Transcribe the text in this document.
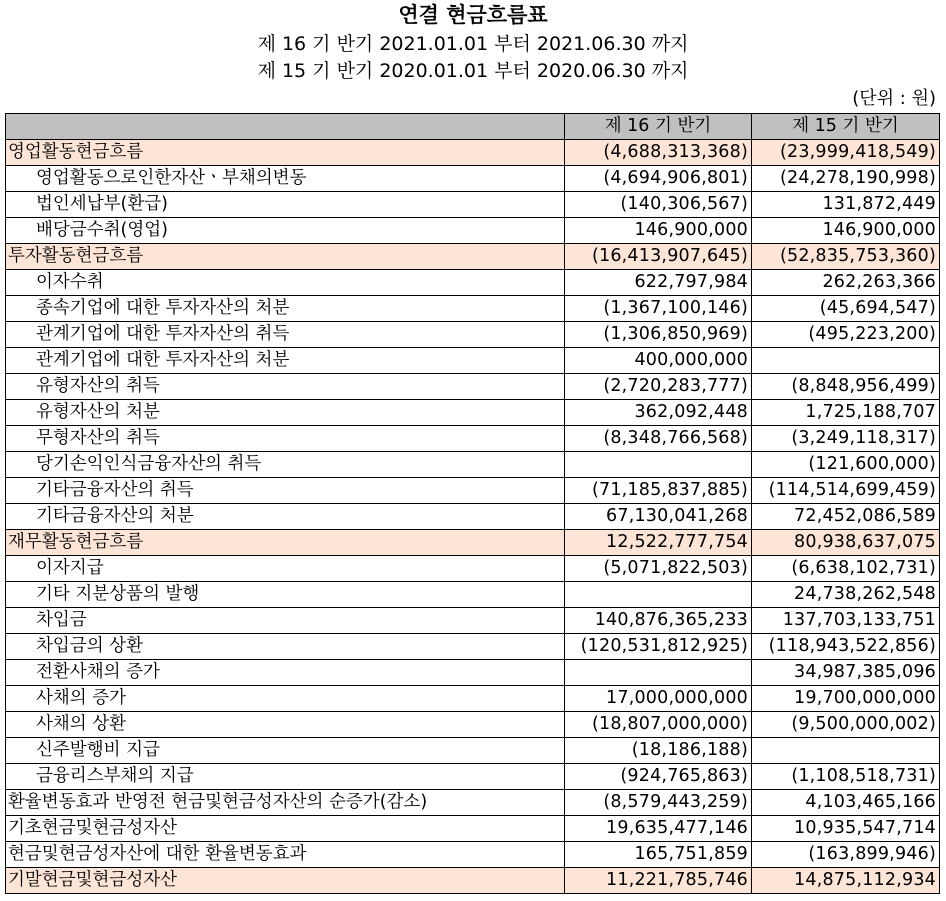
연결 현금흐름표
제 16 기 반기 2021.01.01 부터 2021.06.30 까지
제 15 기 반기 2020.01.01 부터 2020.06.30 까지
(단위 : 원)
	제 16 기 반기	제 15 기 반기
영업활동현금흐름	(4,688,313,368)	(23,999,418,549)
영업활동으로인한자산ㆍ부채의변동	(4,694,906,801)	(24,278,190,998)
법인세납부(환급)	(140,306,567)	131,872,449
배당금수취(영업)	146,900,000	146,900,000
투자활동현금흐름	(16,413,907,645)	(52,835,753,360)
이자수취	622,797,984	262,263,366
종속기업에 대한 투자자산의 처분	(1,367,100,146)	(45,694,547)
관계기업에 대한 투자자산의 취득	(1,306,850,969)	(495,223,200)
관계기업에 대한 투자자산의 처분	400,000,000	
유형자산의 취득	(2,720,283,777)	(8,848,956,499)
유형자산의 처분	362,092,448	1,725,188,707
무형자산의 취득	(8,348,766,568)	(3,249,118,317)
당기손익인식금융자산의 취득		(121,600,000)
기타금융자산의 취득	(71,185,837,885)	(114,514,699,459)
기타금융자산의 처분	67,130,041,268	72,452,086,589
재무활동현금흐름	12,522,777,754	80,938,637,075
이자지급	(5,071,822,503)	(6,638,102,731)
기타 지분상품의 발행		24,738,262,548
차입금	140,876,365,233	137,703,133,751
차입금의 상환	(120,531,812,925)	(118,943,522,856)
전환사채의 증가		34,987,385,096
사채의 증가	17,000,000,000	19,700,000,000
사채의 상환	(18,807,000,000)	(9,500,000,002)
신주발행비 지급	(18,186,188)	
금융리스부채의 지급	(924,765,863)	(1,108,518,731)
환율변동효과 반영전 현금및현금성자산의 순증가(감소)	(8,579,443,259)	4,103,465,166
기초현금및현금성자산	19,635,477,146	10,935,547,714
현금및현금성자산에 대한 환율변동효과	165,751,859	(163,899,946)
기말현금및현금성자산	11,221,785,746	14,875,112,934
